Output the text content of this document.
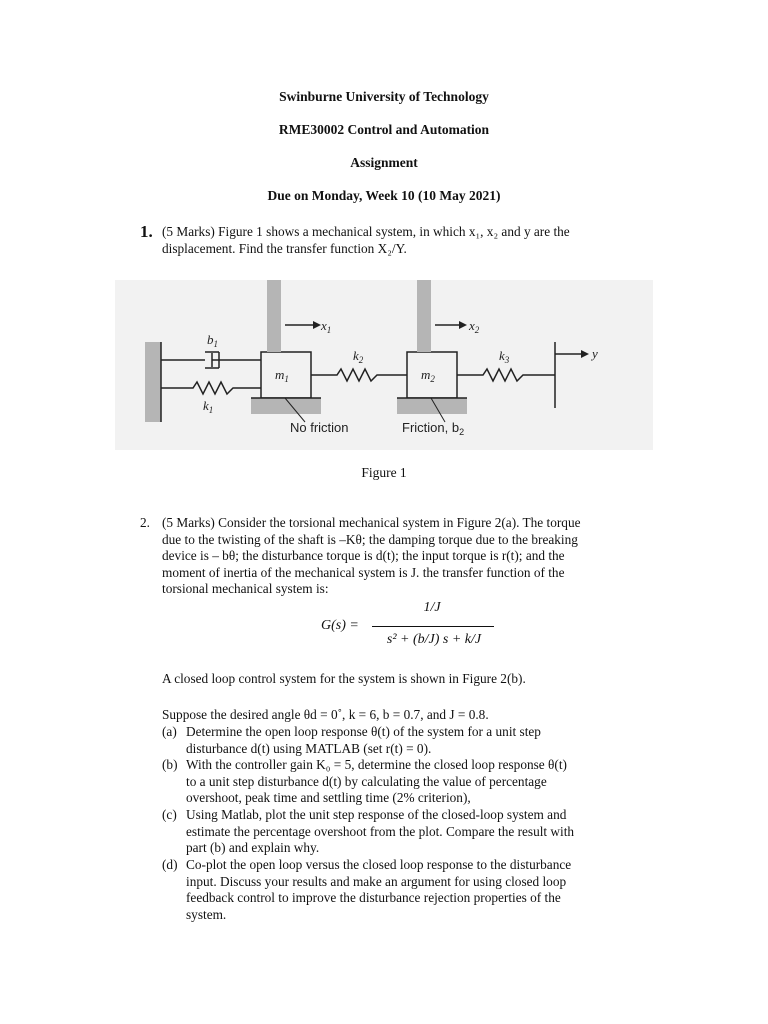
Swinburne University of Technology
RME30002 Control and Automation
Assignment
Due on Monday, Week 10 (10 May 2021)
1. (5 Marks) Figure 1 shows a mechanical system, in which x₁, x₂ and y are the
displacement. Find the transfer function X₂/Y.
$x_1$	$x_2$
y
$b_1$
$k_1$
$k_2$	$k_3$
$m_1$	$m_2$
No friction	Friction, $b_2$
Figure 1
2. (5 Marks) Consider the torsional mechanical system in Figure 2(a). The torque
due to the twisting of the shaft is –Kθ; the damping torque due to the breaking
device is – bθ; the disturbance torque is d(t); the input torque is r(t); and the
moment of inertia of the mechanical system is J. the transfer function of the
torsional mechanical system is:
G(s) =
1/J
s² + (b/J) s + k/J
A closed loop control system for the system is shown in Figure 2(b).
Suppose the desired angle θd = 0˚, k = 6, b = 0.7, and J = 0.8.
(a) Determine the open loop response θ(t) of the system for a unit step
disturbance d(t) using MATLAB (set r(t) = 0).
(b) With the controller gain K₀ = 5, determine the closed loop response θ(t)
to a unit step disturbance d(t) by calculating the value of percentage
overshoot, peak time and settling time (2% criterion),
(c) Using Matlab, plot the unit step response of the closed-loop system and
estimate the percentage overshoot from the plot. Compare the result with
part (b) and explain why.
(d) Co-plot the open loop versus the closed loop response to the disturbance
input. Discuss your results and make an argument for using closed loop
feedback control to improve the disturbance rejection properties of the
system.
